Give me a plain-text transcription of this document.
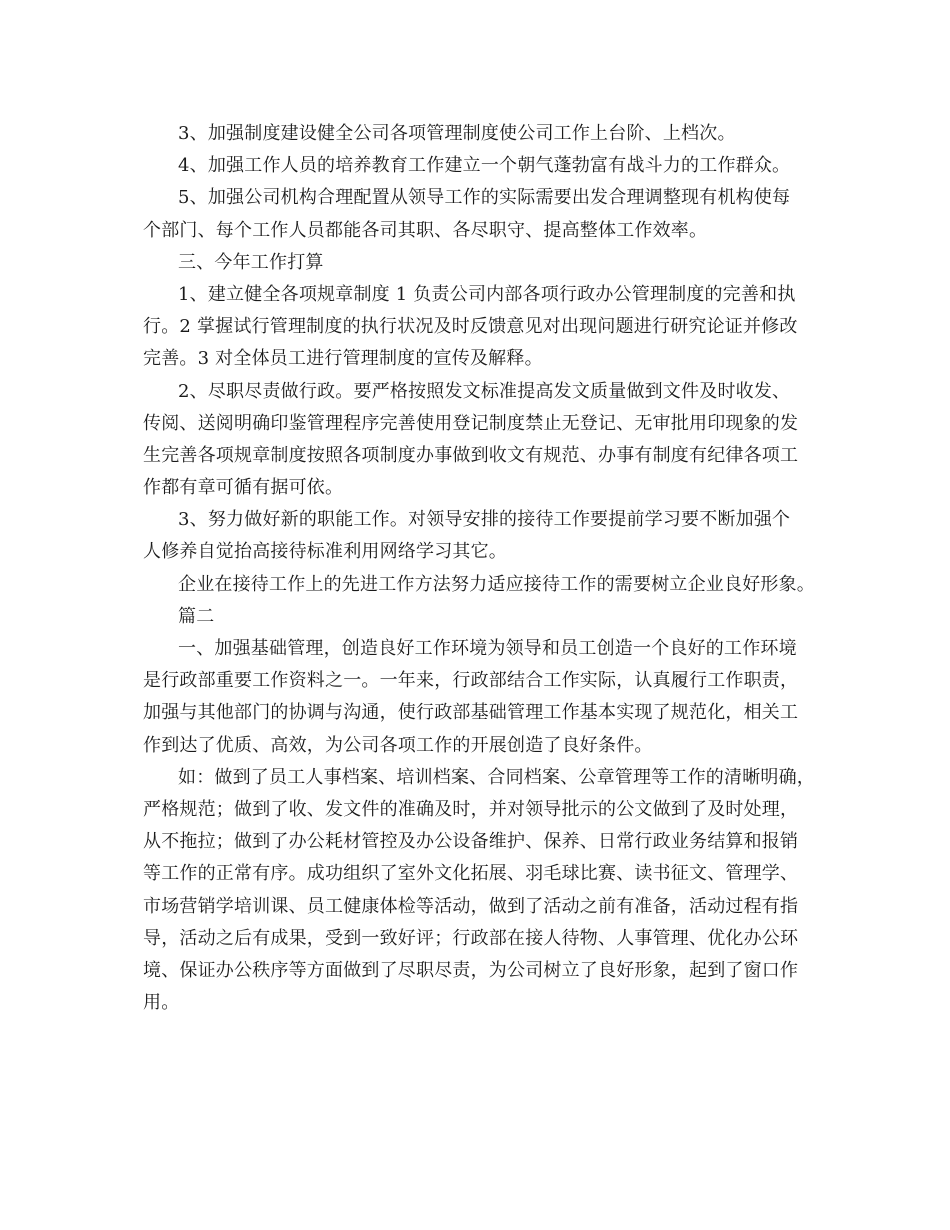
3、加强制度建设健全公司各项管理制度使公司工作上台阶、上档次。
4、加强工作人员的培养教育工作建立一个朝气蓬勃富有战斗力的工作群众。
5、加强公司机构合理配置从领导工作的实际需要出发合理调整现有机构使每
个部门、每个工作人员都能各司其职、各尽职守、提高整体工作效率。
三、今年工作打算
1、建立健全各项规章制度 1 负责公司内部各项行政办公管理制度的完善和执
行。2 掌握试行管理制度的执行状况及时反馈意见对出现问题进行研究论证并修改
完善。3 对全体员工进行管理制度的宣传及解释。
2、尽职尽责做行政。要严格按照发文标准提高发文质量做到文件及时收发、
传阅、送阅明确印鉴管理程序完善使用登记制度禁止无登记、无审批用印现象的发
生完善各项规章制度按照各项制度办事做到收文有规范、办事有制度有纪律各项工
作都有章可循有据可依。
3、努力做好新的职能工作。对领导安排的接待工作要提前学习要不断加强个
人修养自觉抬高接待标准利用网络学习其它。
企业在接待工作上的先进工作方法努力适应接待工作的需要树立企业良好形象。
篇二
一、加强基础管理，创造良好工作环境为领导和员工创造一个良好的工作环境
是行政部重要工作资料之一。一年来，行政部结合工作实际，认真履行工作职责，
加强与其他部门的协调与沟通，使行政部基础管理工作基本实现了规范化，相关工
作到达了优质、高效，为公司各项工作的开展创造了良好条件。
如：做到了员工人事档案、培训档案、合同档案、公章管理等工作的清晰明确，
严格规范；做到了收、发文件的准确及时，并对领导批示的公文做到了及时处理，
从不拖拉；做到了办公耗材管控及办公设备维护、保养、日常行政业务结算和报销
等工作的正常有序。成功组织了室外文化拓展、羽毛球比赛、读书征文、管理学、
市场营销学培训课、员工健康体检等活动，做到了活动之前有准备，活动过程有指
导，活动之后有成果，受到一致好评；行政部在接人待物、人事管理、优化办公环
境、保证办公秩序等方面做到了尽职尽责，为公司树立了良好形象，起到了窗口作
用。
